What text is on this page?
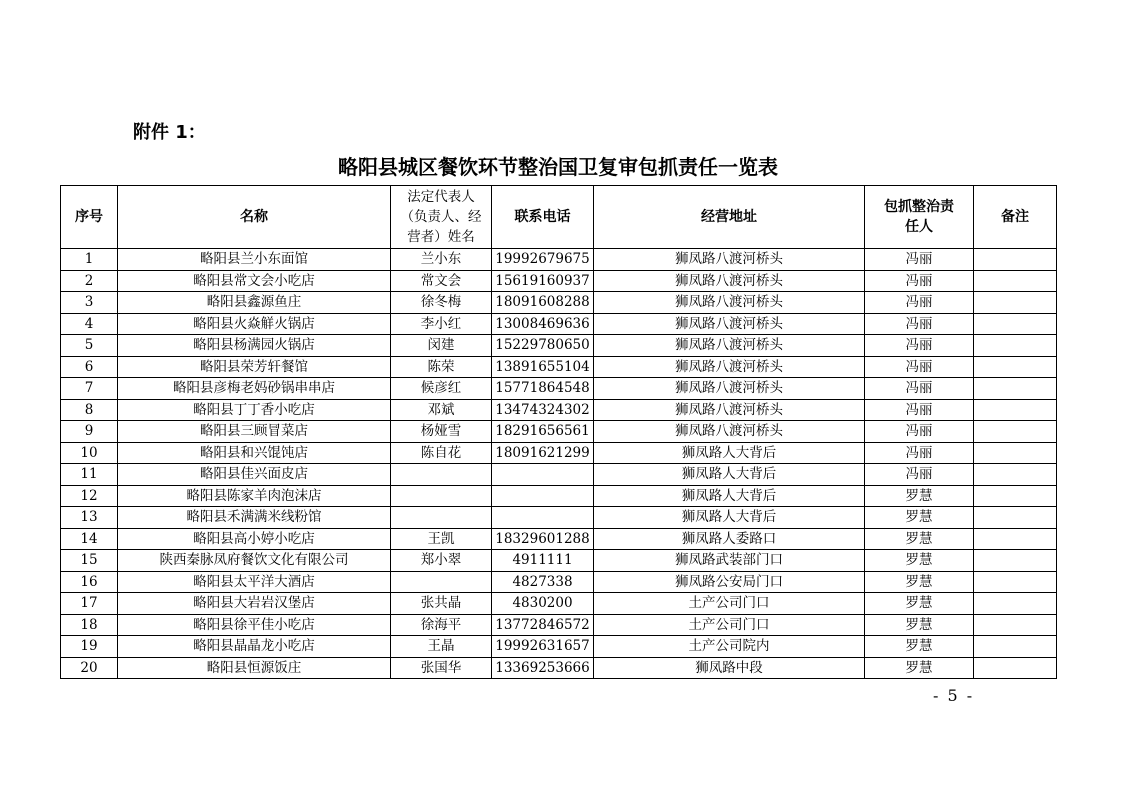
附件 1：
略阳县城区餐饮环节整治国卫复审包抓责任一览表
序号	名称	法定代表人
（负责人、经
营者）姓名	联系电话	经营地址	包抓整治责
任人	备注
1	略阳县兰小东面馆	兰小东	19992679675	狮凤路八渡河桥头	冯丽	
2	略阳县常文会小吃店	常文会	15619160937	狮凤路八渡河桥头	冯丽	
3	略阳县鑫源鱼庄	徐冬梅	18091608288	狮凤路八渡河桥头	冯丽	
4	略阳县火焱觧火锅店	李小红	13008469636	狮凤路八渡河桥头	冯丽	
5	略阳县杨满园火锅店	闵建	15229780650	狮凤路八渡河桥头	冯丽	
6	略阳县荣芳轩餐馆	陈荣	13891655104	狮凤路八渡河桥头	冯丽	
7	略阳县彦梅老妈砂锅串串店	候彦红	15771864548	狮凤路八渡河桥头	冯丽	
8	略阳县丁丁香小吃店	邓斌	13474324302	狮凤路八渡河桥头	冯丽	
9	略阳县三顾冒菜店	杨娅雪	18291656561	狮凤路八渡河桥头	冯丽	
10	略阳县和兴馄饨店	陈自花	18091621299	狮凤路人大背后	冯丽	
11	略阳县佳兴面皮店			狮凤路人大背后	冯丽	
12	略阳县陈家羊肉泡沫店			狮凤路人大背后	罗慧	
13	略阳县禾满满米线粉馆			狮凤路人大背后	罗慧	
14	略阳县高小婷小吃店	王凯	18329601288	狮凤路人委路口	罗慧	
15	陕西秦脉凤府餐饮文化有限公司	郑小翠	4911111	狮凤路武装部门口	罗慧	
16	略阳县太平洋大酒店		4827338	狮凤路公安局门口	罗慧	
17	略阳县大岩岩汉堡店	张共晶	4830200	土产公司门口	罗慧	
18	略阳县徐平佳小吃店	徐海平	13772846572	土产公司门口	罗慧	
19	略阳县晶晶龙小吃店	王晶	19992631657	土产公司院内	罗慧	
20	略阳县恒源饭庄	张国华	13369253666	狮凤路中段	罗慧	
- 5 -
